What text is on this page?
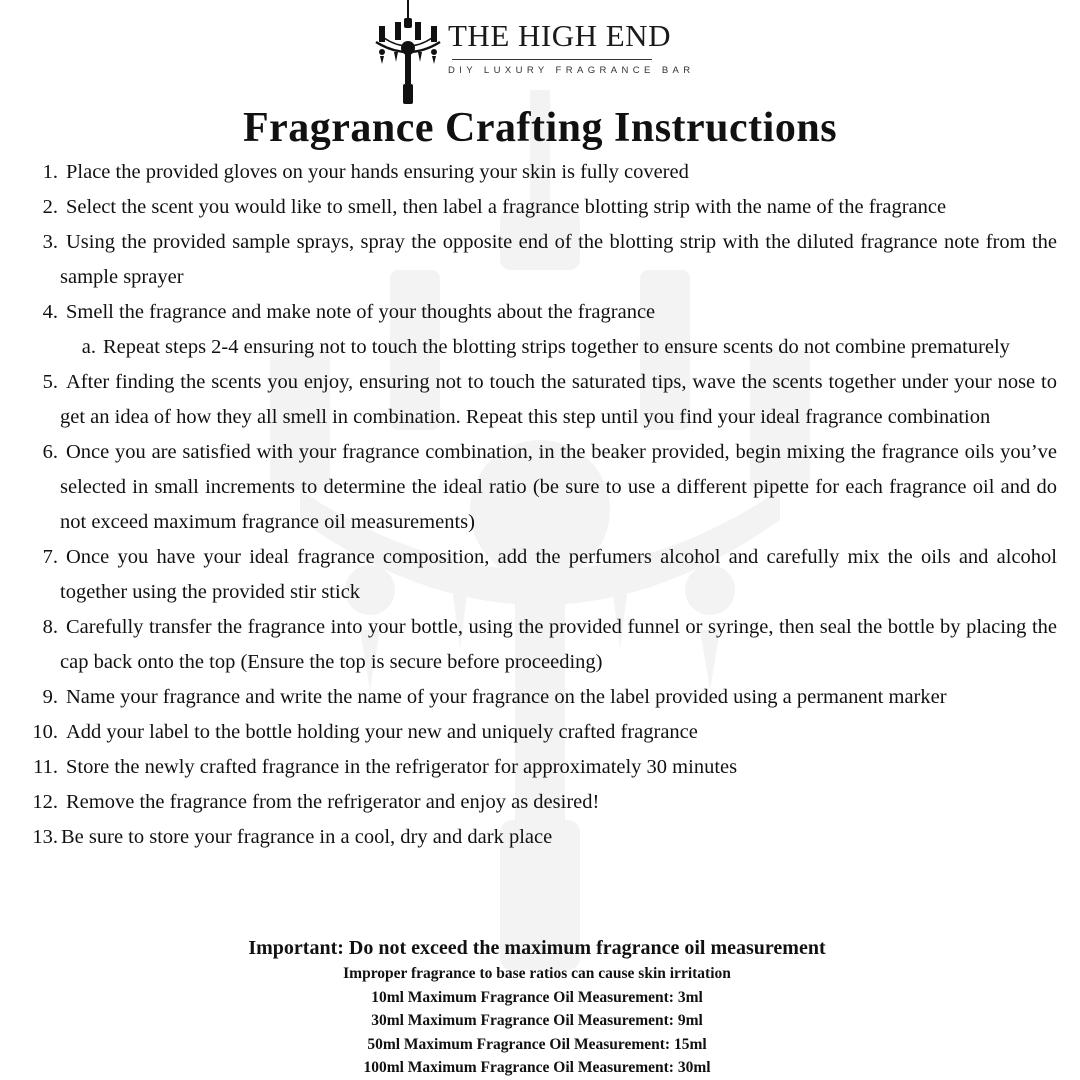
THE HIGH END
DIY LUXURY FRAGRANCE BAR
Fragrance Crafting Instructions
1. Place the provided gloves on your hands ensuring your skin is fully covered
2. Select the scent you would like to smell, then label a fragrance blotting strip with the name of the fragrance
3. Using the provided sample sprays, spray the opposite end of the blotting strip with the diluted fragrance note from the sample sprayer
4. Smell the fragrance and make note of your thoughts about the fragrance
a. Repeat steps 2-4 ensuring not to touch the blotting strips together to ensure scents do not combine prematurely
5. After finding the scents you enjoy, ensuring not to touch the saturated tips, wave the scents together under your nose to get an idea of how they all smell in combination. Repeat this step until you find your ideal fragrance combination
6. Once you are satisfied with your fragrance combination, in the beaker provided, begin mixing the fragrance oils you’ve selected in small increments to determine the ideal ratio (be sure to use a different pipette for each fragrance oil and do not exceed maximum fragrance oil measurements)
7. Once you have your ideal fragrance composition, add the perfumers alcohol and carefully mix the oils and alcohol together using the provided stir stick
8. Carefully transfer the fragrance into your bottle, using the provided funnel or syringe, then seal the bottle by placing the cap back onto the top (Ensure the top is secure before proceeding)
9. Name your fragrance and write the name of your fragrance on the label provided using a permanent marker
10. Add your label to the bottle holding your new and uniquely crafted fragrance
11. Store the newly crafted fragrance in the refrigerator for approximately 30 minutes
12. Remove the fragrance from the refrigerator and enjoy as desired!
13. Be sure to store your fragrance in a cool, dry and dark place

Important: Do not exceed the maximum fragrance oil measurement

Improper fragrance to base ratios can cause skin irritation

10ml Maximum Fragrance Oil Measurement: 3ml

30ml Maximum Fragrance Oil Measurement: 9ml

50ml Maximum Fragrance Oil Measurement: 15ml

100ml Maximum Fragrance Oil Measurement: 30ml
